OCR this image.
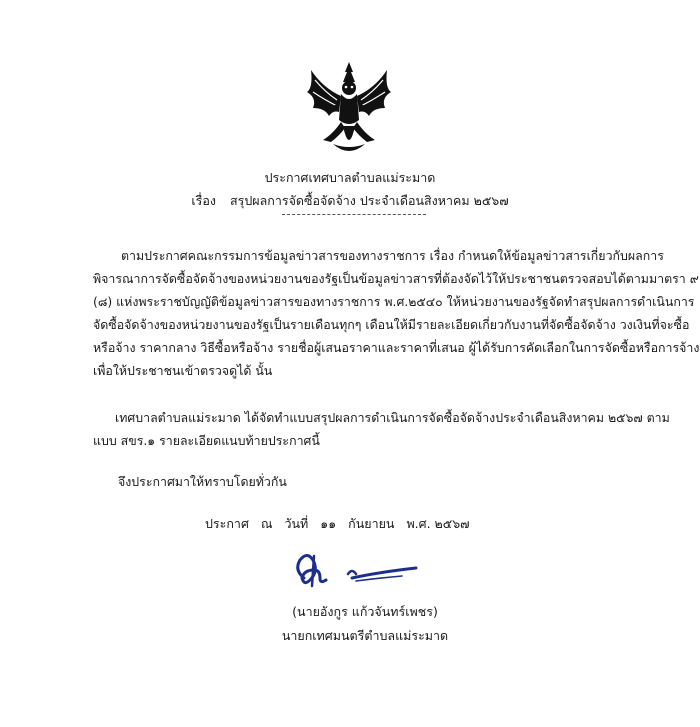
ประกาศเทศบาลตำบลแม่ระมาด
เรื่อง สรุปผลการจัดซื้อจัดจ้าง ประจำเดือนสิงหาคม ๒๕๖๗
ตามประกาศคณะกรรมการข้อมูลข่าวสารของทางราชการ เรื่อง กำหนดให้ข้อมูลข่าวสารเกี่ยวกับผลการ
พิจารณาการจัดซื้อจัดจ้างของหน่วยงานของรัฐเป็นข้อมูลข่าวสารที่ต้องจัดไว้ให้ประชาชนตรวจสอบได้ตามมาตรา ๙
(๘) แห่งพระราชบัญญัติข้อมูลข่าวสารของทางราชการ พ.ศ.๒๕๔๐ ให้หน่วยงานของรัฐจัดทำสรุปผลการดำเนินการ
จัดซื้อจัดจ้างของหน่วยงานของรัฐเป็นรายเดือนทุกๆ เดือนให้มีรายละเอียดเกี่ยวกับงานที่จัดซื้อจัดจ้าง วงเงินที่จะซื้อ
หรือจ้าง ราคากลาง วิธีซื้อหรือจ้าง รายชื่อผู้เสนอราคาและราคาที่เสนอ ผู้ได้รับการคัดเลือกในการจัดซื้อหรือการจ้าง
เพื่อให้ประชาชนเข้าตรวจดูได้ นั้น
เทศบาลตำบลแม่ระมาด ได้จัดทำแบบสรุปผลการดำเนินการจัดซื้อจัดจ้างประจำเดือนสิงหาคม ๒๕๖๗ ตาม
แบบ สขร.๑ รายละเอียดแนบท้ายประกาศนี้
จึงประกาศมาให้ทราบโดยทั่วกัน
ประกาศ ณ วันที่ ๑๑ กันยายน พ.ศ. ๒๕๖๗
(นายอังกูร แก้วจันทร์เพชร)
นายกเทศมนตรีตำบลแม่ระมาด
